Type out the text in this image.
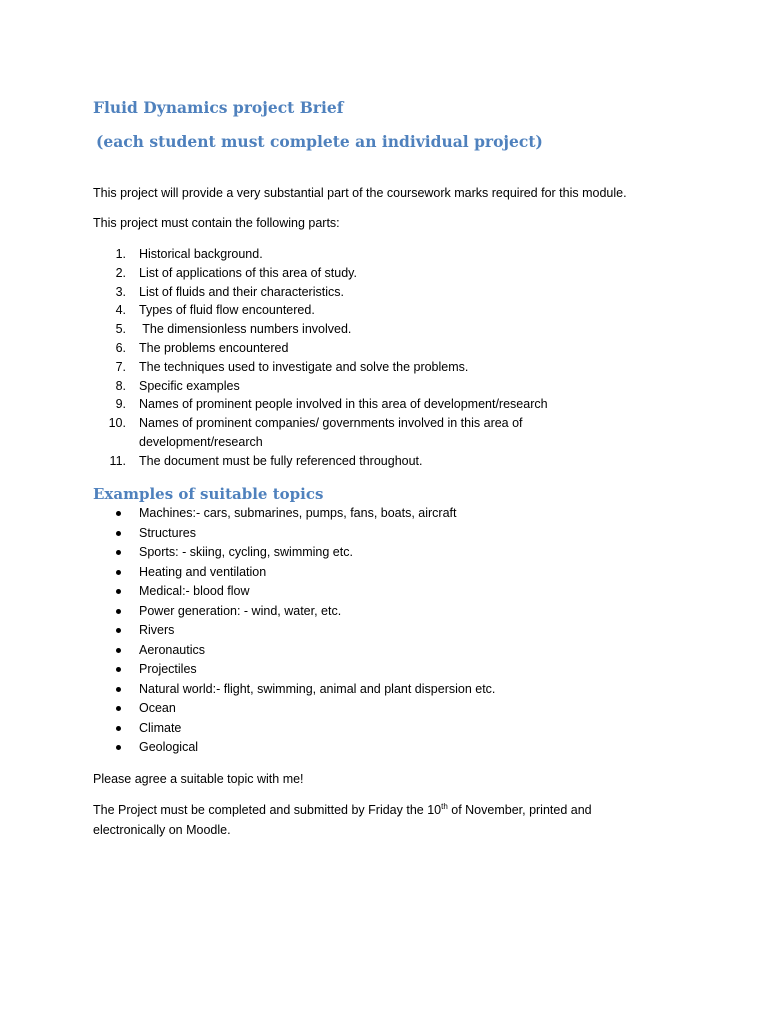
Fluid Dynamics project Brief
(each student must complete an individual project)

This project will provide a very substantial part of the coursework marks required for this module.

This project must contain the following parts:

1. Historical background.
2. List of applications of this area of study.
3. List of fluids and their characteristics.
4. Types of fluid flow encountered.
5. The dimensionless numbers involved.
6. The problems encountered
7. The techniques used to investigate and solve the problems.
8. Specific examples
9. Names of prominent people involved in this area of development/research
10. Names of prominent companies/ governments involved in this area of
development/research
11. The document must be fully referenced throughout.
Examples of suitable topics
Machines:- cars, submarines, pumps, fans, boats, aircraft
Structures
Sports: - skiing, cycling, swimming etc.
Heating and ventilation
Medical:- blood flow
Power generation: - wind, water, etc.
Rivers
Aeronautics
Projectiles
Natural world:- flight, swimming, animal and plant dispersion etc.
Ocean
Climate
Geological

Please agree a suitable topic with me!

The Project must be completed and submitted by Friday the 10th of November, printed and
electronically on Moodle.
